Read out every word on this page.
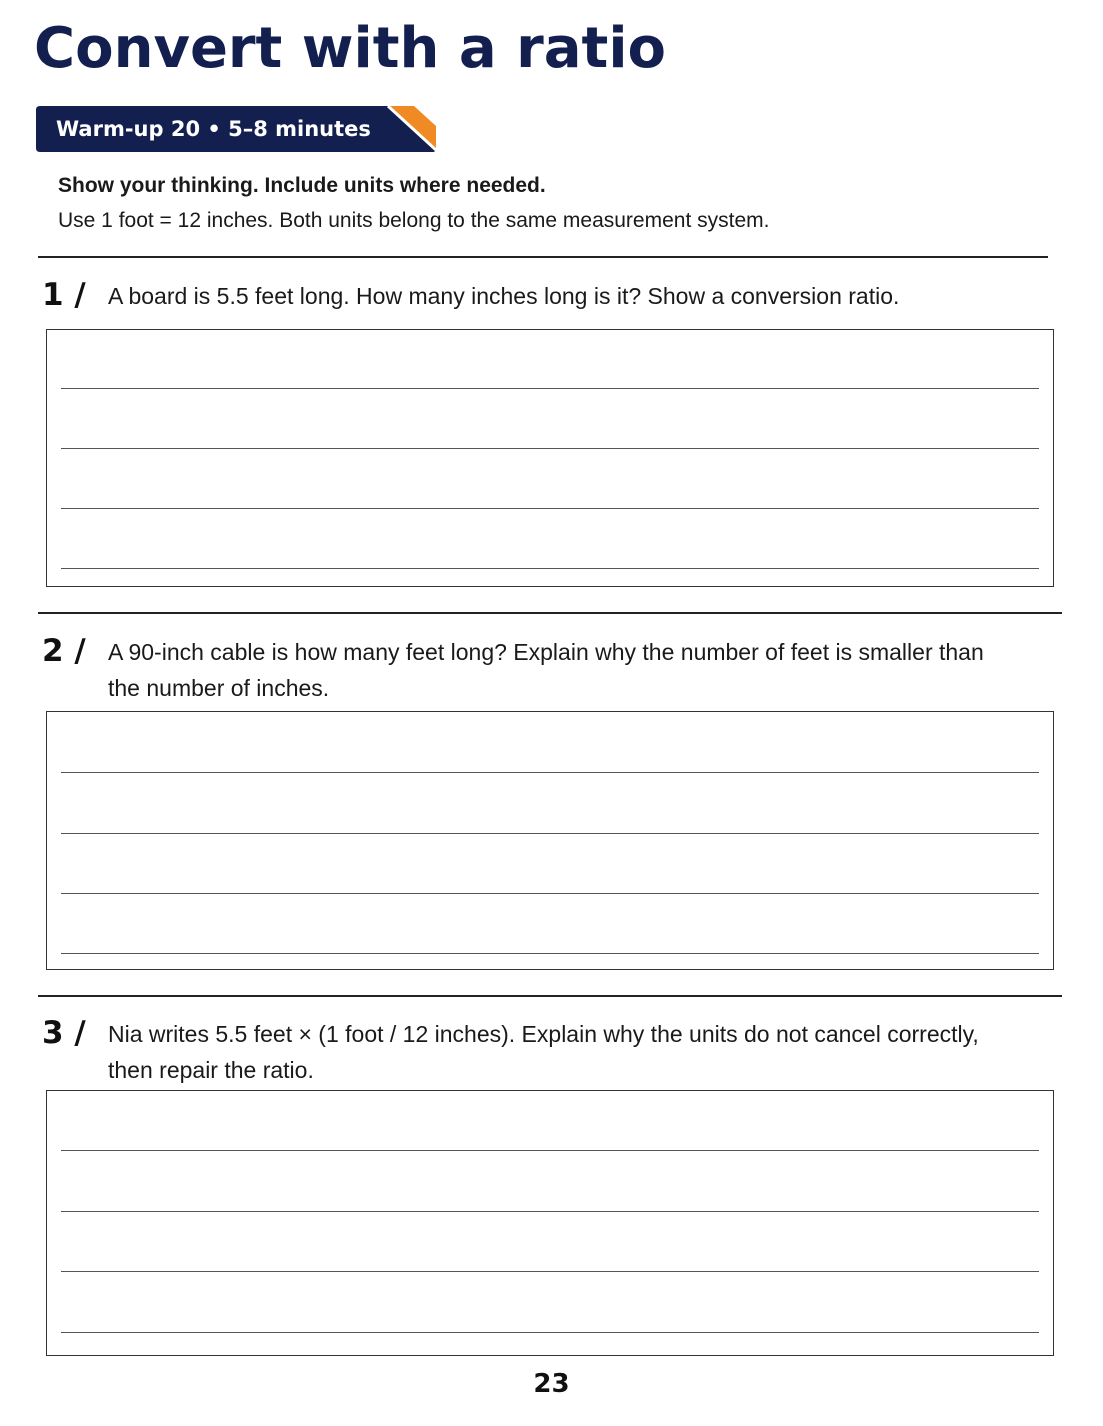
Convert with a ratio
Warm-up 20 • 5–8 minutes
Show your thinking. Include units where needed.
Use 1 foot = 12 inches. Both units belong to the same measurement system.
1 / A board is 5.5 feet long. How many inches long is it? Show a conversion ratio.
2 / A 90-inch cable is how many feet long? Explain why the number of feet is smaller than the number of inches.
3 / Nia writes 5.5 feet × (1 foot / 12 inches). Explain why the units do not cancel correctly, then repair the ratio.
23
